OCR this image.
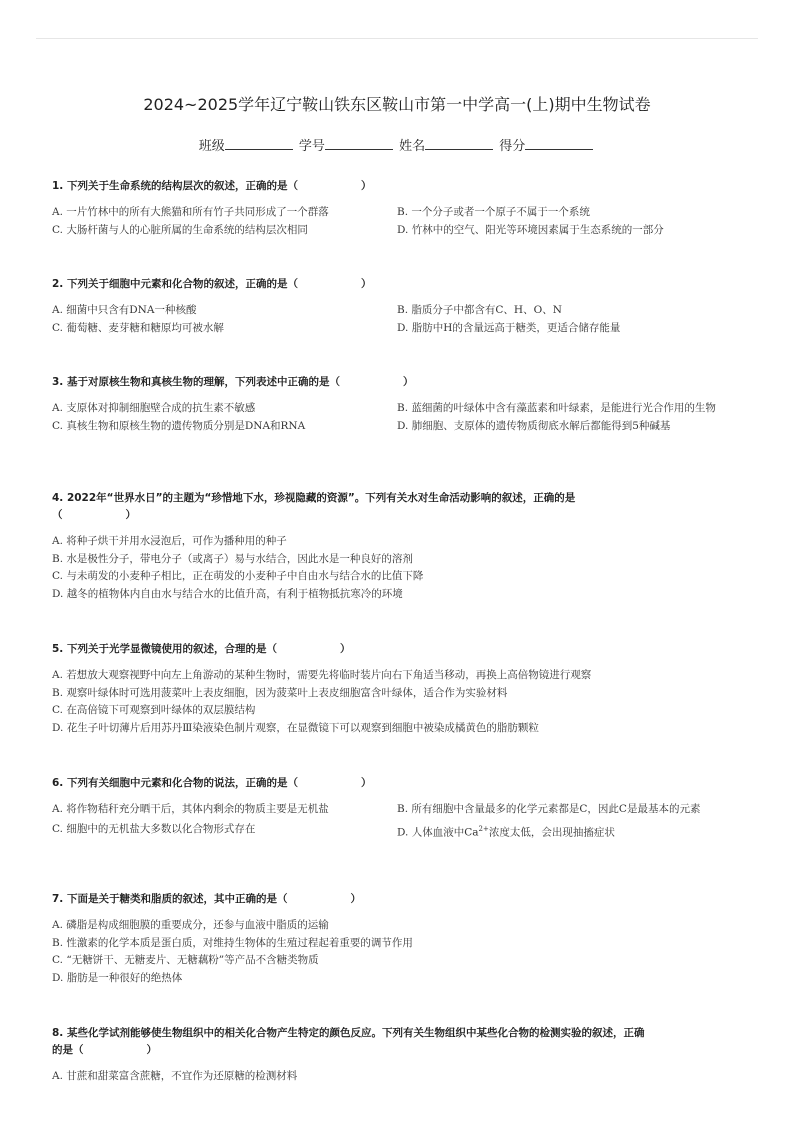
2024~2025学年辽宁鞍山铁东区鞍山市第一中学高一(上)期中生物试卷
班级	学号	姓名	得分
1. 下列关于生命系统的结构层次的叙述，正确的是（　　　　　　）
A. 一片竹林中的所有大熊猫和所有竹子共同形成了一个群落	B. 一个分子或者一个原子不属于一个系统
C. 大肠杆菌与人的心脏所属的生命系统的结构层次相同	D. 竹林中的空气、阳光等环境因素属于生态系统的一部分
2. 下列关于细胞中元素和化合物的叙述，正确的是（　　　　　　）
A. 细菌中只含有DNA一种核酸	B. 脂质分子中都含有C、H、O、N
C. 葡萄糖、麦芽糖和糖原均可被水解	D. 脂肪中H的含量远高于糖类，更适合储存能量
3. 基于对原核生物和真核生物的理解，下列表述中正确的是（　　　　　　）
A. 支原体对抑制细胞壁合成的抗生素不敏感	B. 蓝细菌的叶绿体中含有藻蓝素和叶绿素，是能进行光合作用的生物
C. 真核生物和原核生物的遗传物质分别是DNA和RNA	D. 肺细胞、支原体的遗传物质彻底水解后都能得到5种碱基
4. 2022年“世界水日”的主题为“珍惜地下水，珍视隐藏的资源”。下列有关水对生命活动影响的叙述，正确的是
（　　　　　　）
A. 将种子烘干并用水浸泡后，可作为播种用的种子
B. 水是极性分子，带电分子（或离子）易与水结合，因此水是一种良好的溶剂
C. 与未萌发的小麦种子相比，正在萌发的小麦种子中自由水与结合水的比值下降
D. 越冬的植物体内自由水与结合水的比值升高，有利于植物抵抗寒冷的环境
5. 下列关于光学显微镜使用的叙述，合理的是（　　　　　　）
A. 若想放大观察视野中向左上角游动的某种生物时，需要先将临时装片向右下角适当移动，再换上高倍物镜进行观察
B. 观察叶绿体时可选用菠菜叶上表皮细胞，因为菠菜叶上表皮细胞富含叶绿体，适合作为实验材料
C. 在高倍镜下可观察到叶绿体的双层膜结构
D. 花生子叶切薄片后用苏丹Ⅲ染液染色制片观察，在显微镜下可以观察到细胞中被染成橘黄色的脂肪颗粒
6. 下列有关细胞中元素和化合物的说法，正确的是（　　　　　　）
A. 将作物秸秆充分晒干后，其体内剩余的物质主要是无机盐	B. 所有细胞中含量最多的化学元素都是C，因此C是最基本的元素
C. 细胞中的无机盐大多数以化合物形式存在	D. 人体血液中$Ca^{2+}$浓度太低，会出现抽搐症状
7. 下面是关于糖类和脂质的叙述，其中正确的是（　　　　　　）
A. 磷脂是构成细胞膜的重要成分，还参与血液中脂质的运输
B. 性激素的化学本质是蛋白质，对维持生物体的生殖过程起着重要的调节作用
C. “无糖饼干、无糖麦片、无糖藕粉”等产品不含糖类物质
D. 脂肪是一种很好的绝热体
8. 某些化学试剂能够使生物组织中的相关化合物产生特定的颜色反应。下列有关生物组织中某些化合物的检测实验的叙述，正确
的是（　　　　　　）
A. 甘蔗和甜菜富含蔗糖，不宜作为还原糖的检测材料
